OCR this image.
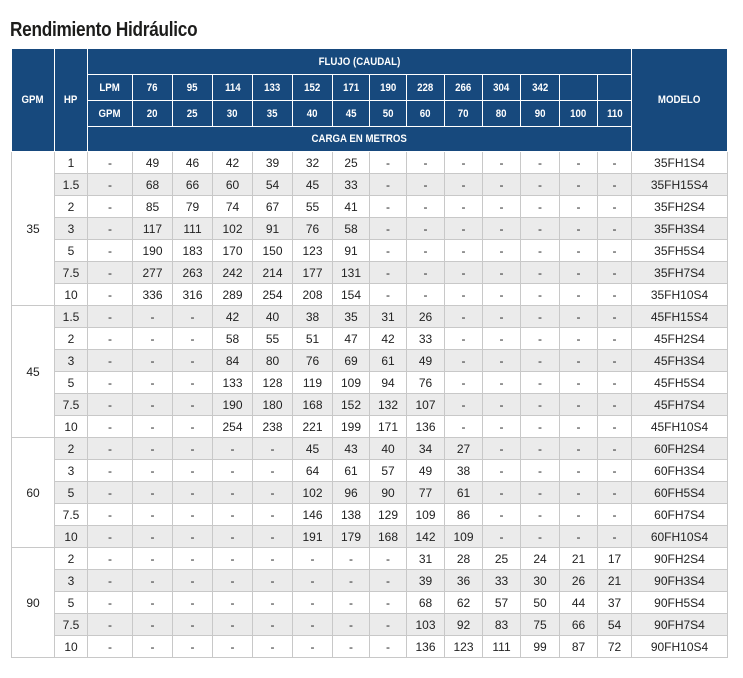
Rendimiento Hidráulico
GPM	HP	FLUJO (CAUDAL)														MODELO
		LPM	76	95	114	133	152	171	190	228	266	304	342			
		GPM	20	25	30	35	40	45	50	60	70	80	90	100	110	
		CARGA EN METROS														
35	1	-	49	46	42	39	32	25	-	-	-	-	-	-	-	35FH1S4
	1.5	-	68	66	60	54	45	33	-	-	-	-	-	-	-	35FH15S4
	2	-	85	79	74	67	55	41	-	-	-	-	-	-	-	35FH2S4
	3	-	117	111	102	91	76	58	-	-	-	-	-	-	-	35FH3S4
	5	-	190	183	170	150	123	91	-	-	-	-	-	-	-	35FH5S4
	7.5	-	277	263	242	214	177	131	-	-	-	-	-	-	-	35FH7S4
	10	-	336	316	289	254	208	154	-	-	-	-	-	-	-	35FH10S4
45	1.5	-	-	-	42	40	38	35	31	26	-	-	-	-	-	45FH15S4
	2	-	-	-	58	55	51	47	42	33	-	-	-	-	-	45FH2S4
	3	-	-	-	84	80	76	69	61	49	-	-	-	-	-	45FH3S4
	5	-	-	-	133	128	119	109	94	76	-	-	-	-	-	45FH5S4
	7.5	-	-	-	190	180	168	152	132	107	-	-	-	-	-	45FH7S4
	10	-	-	-	254	238	221	199	171	136	-	-	-	-	-	45FH10S4
60	2	-	-	-	-	-	45	43	40	34	27	-	-	-	-	60FH2S4
	3	-	-	-	-	-	64	61	57	49	38	-	-	-	-	60FH3S4
	5	-	-	-	-	-	102	96	90	77	61	-	-	-	-	60FH5S4
	7.5	-	-	-	-	-	146	138	129	109	86	-	-	-	-	60FH7S4
	10	-	-	-	-	-	191	179	168	142	109	-	-	-	-	60FH10S4
90	2	-	-	-	-	-	-	-	-	31	28	25	24	21	17	90FH2S4
	3	-	-	-	-	-	-	-	-	39	36	33	30	26	21	90FH3S4
	5	-	-	-	-	-	-	-	-	68	62	57	50	44	37	90FH5S4
	7.5	-	-	-	-	-	-	-	-	103	92	83	75	66	54	90FH7S4
	10	-	-	-	-	-	-	-	-	136	123	111	99	87	72	90FH10S4
